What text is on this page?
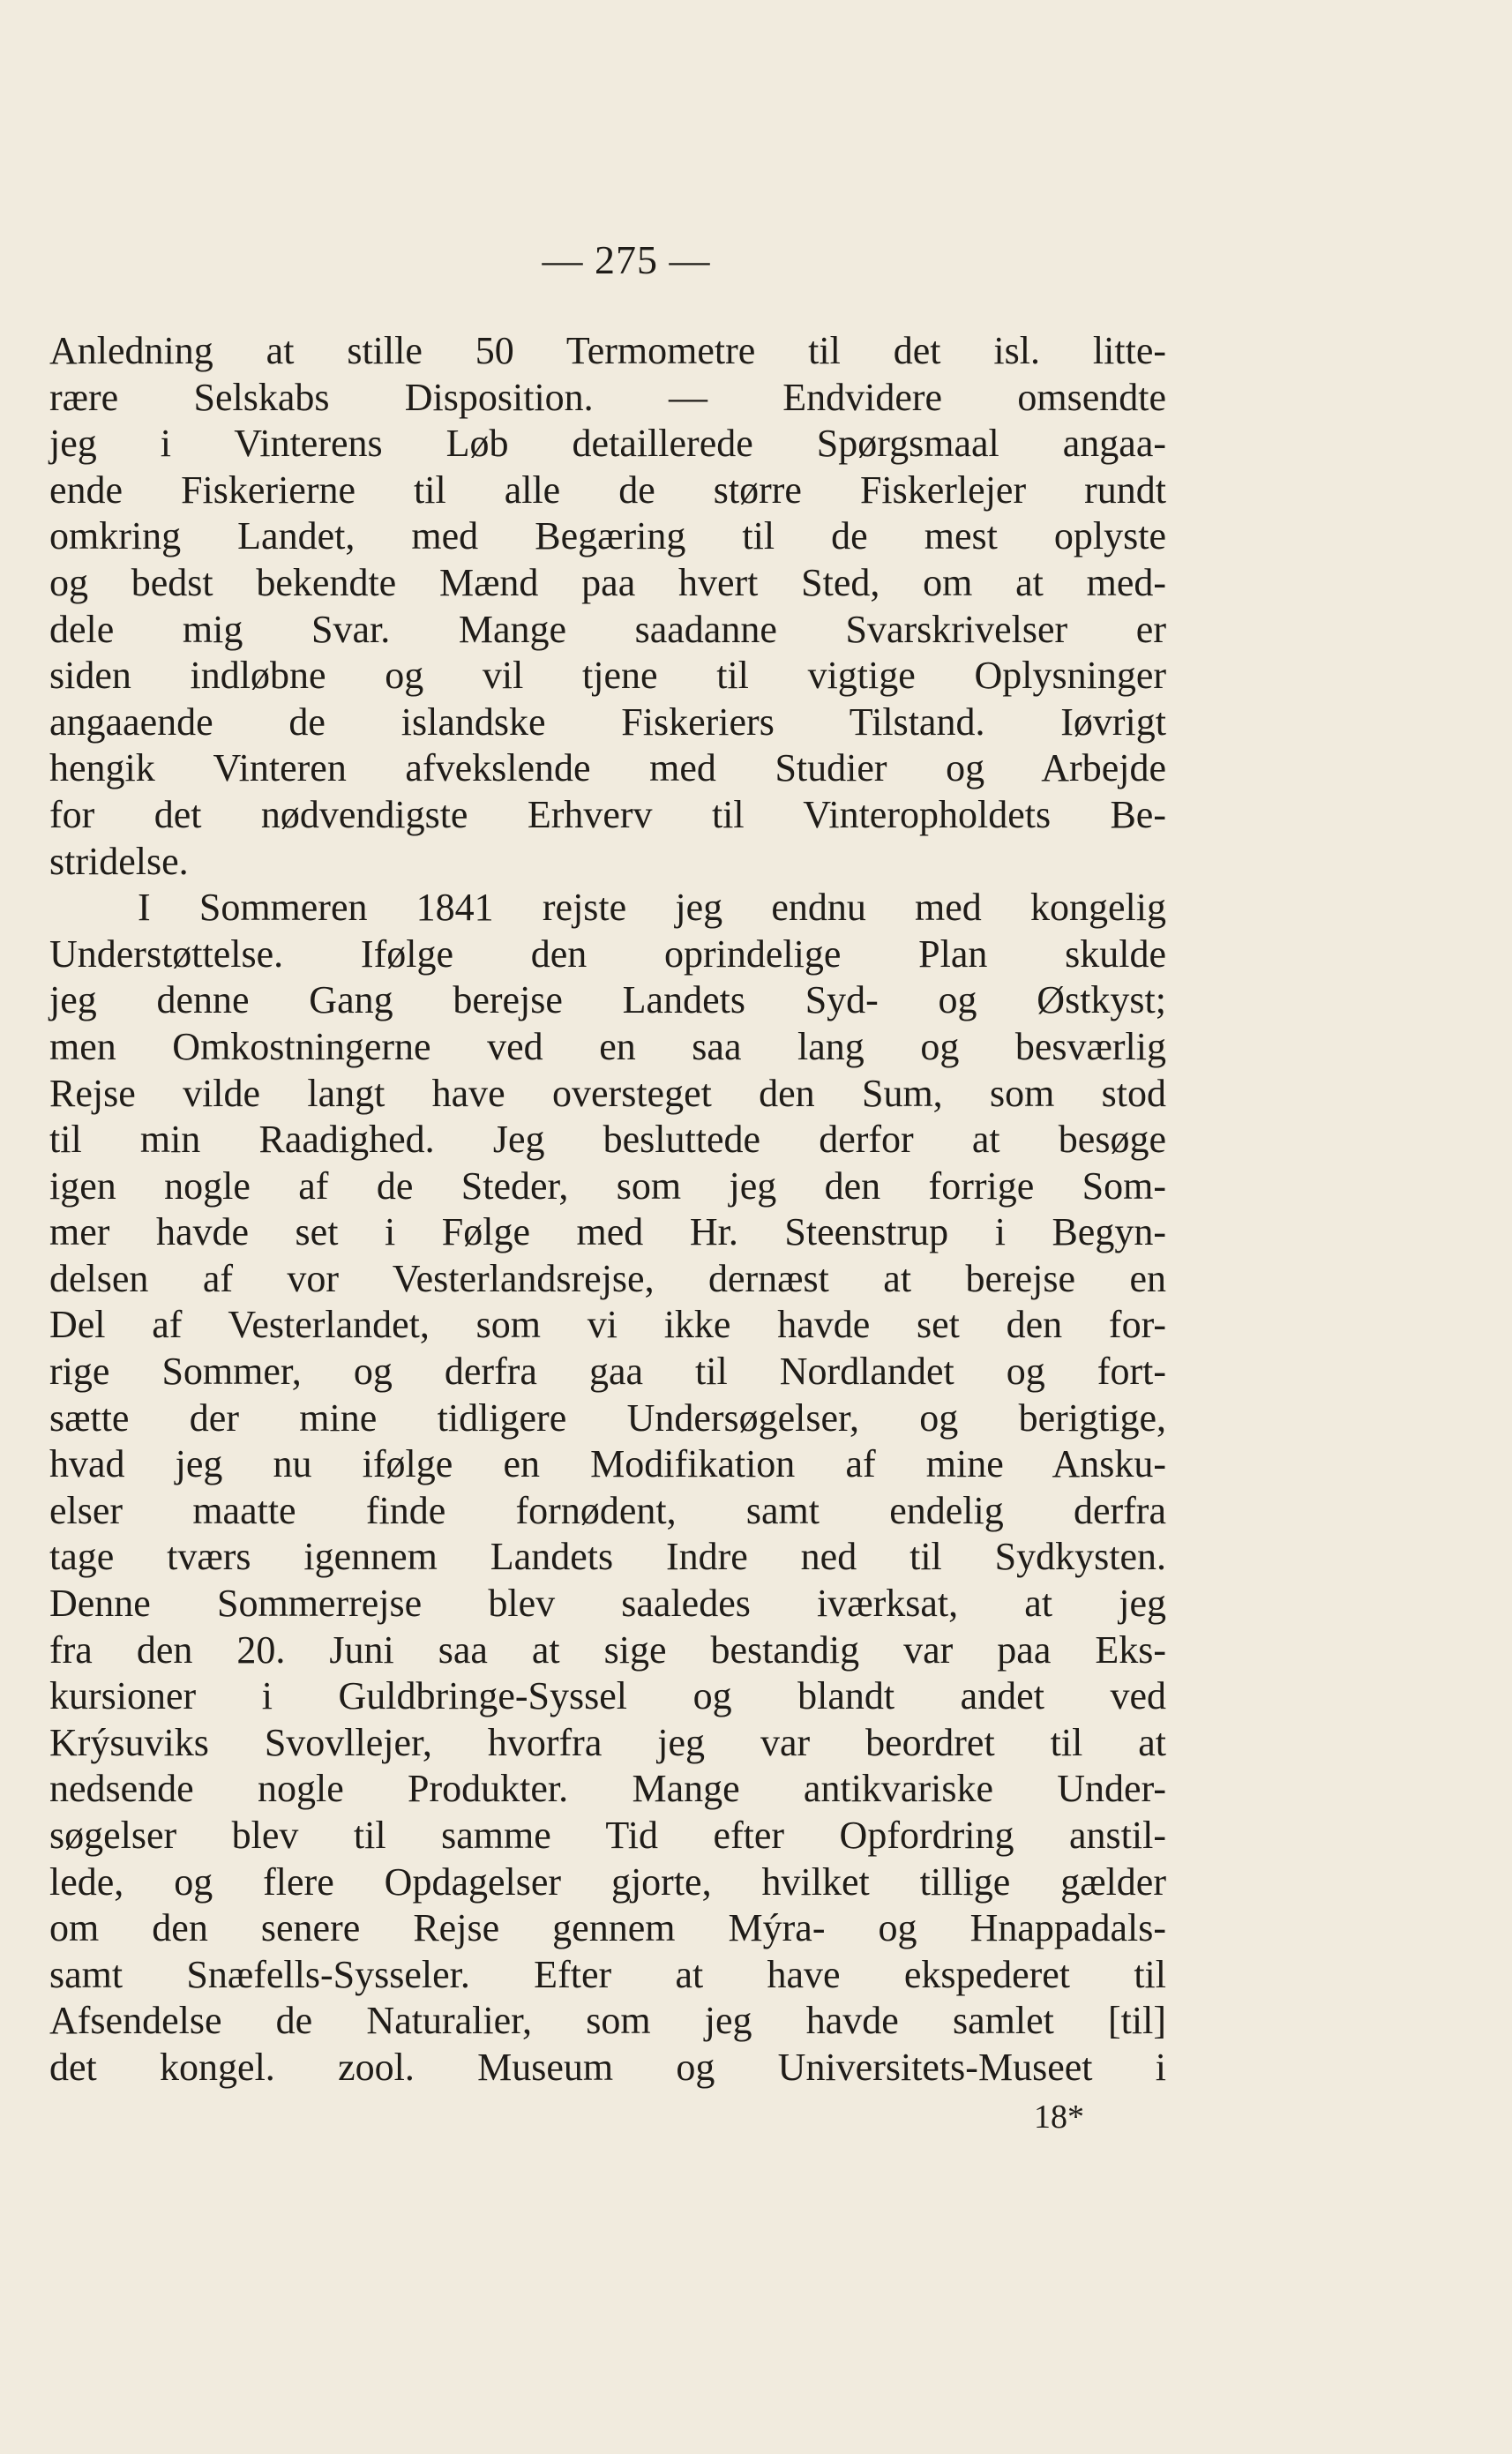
— 275 —
Anledning at stille 50 Termometre til det isl. litte-
rære Selskabs Disposition. — Endvidere omsendte
jeg i Vinterens Løb detaillerede Spørgsmaal angaa-
ende Fiskerierne til alle de større Fiskerlejer rundt
omkring Landet, med Begæring til de mest oplyste
og bedst bekendte Mænd paa hvert Sted, om at med-
dele mig Svar. Mange saadanne Svarskrivelser er
siden indløbne og vil tjene til vigtige Oplysninger
angaaende de islandske Fiskeriers Tilstand. Iøvrigt
hengik Vinteren afvekslende med Studier og Arbejde
for det nødvendigste Erhverv til Vinteropholdets Be-
stridelse.
I Sommeren 1841 rejste jeg endnu med kongelig
Understøttelse. Ifølge den oprindelige Plan skulde
jeg denne Gang berejse Landets Syd- og Østkyst;
men Omkostningerne ved en saa lang og besværlig
Rejse vilde langt have oversteget den Sum, som stod
til min Raadighed. Jeg besluttede derfor at besøge
igen nogle af de Steder, som jeg den forrige Som-
mer havde set i Følge med Hr. Steenstrup i Begyn-
delsen af vor Vesterlandsrejse, dernæst at berejse en
Del af Vesterlandet, som vi ikke havde set den for-
rige Sommer, og derfra gaa til Nordlandet og fort-
sætte der mine tidligere Undersøgelser, og berigtige,
hvad jeg nu ifølge en Modifikation af mine Ansku-
elser maatte finde fornødent, samt endelig derfra
tage tværs igennem Landets Indre ned til Sydkysten.
Denne Sommerrejse blev saaledes iværksat, at jeg
fra den 20. Juni saa at sige bestandig var paa Eks-
kursioner i Guldbringe-Syssel og blandt andet ved
Krýsuviks Svovllejer, hvorfra jeg var beordret til at
nedsende nogle Produkter. Mange antikvariske Under-
søgelser blev til samme Tid efter Opfordring anstil-
lede, og flere Opdagelser gjorte, hvilket tillige gælder
om den senere Rejse gennem Mýra- og Hnappadals-
samt Snæfells-Sysseler. Efter at have ekspederet til
Afsendelse de Naturalier, som jeg havde samlet [til]
det kongel. zool. Museum og Universitets-Museet i
18*
